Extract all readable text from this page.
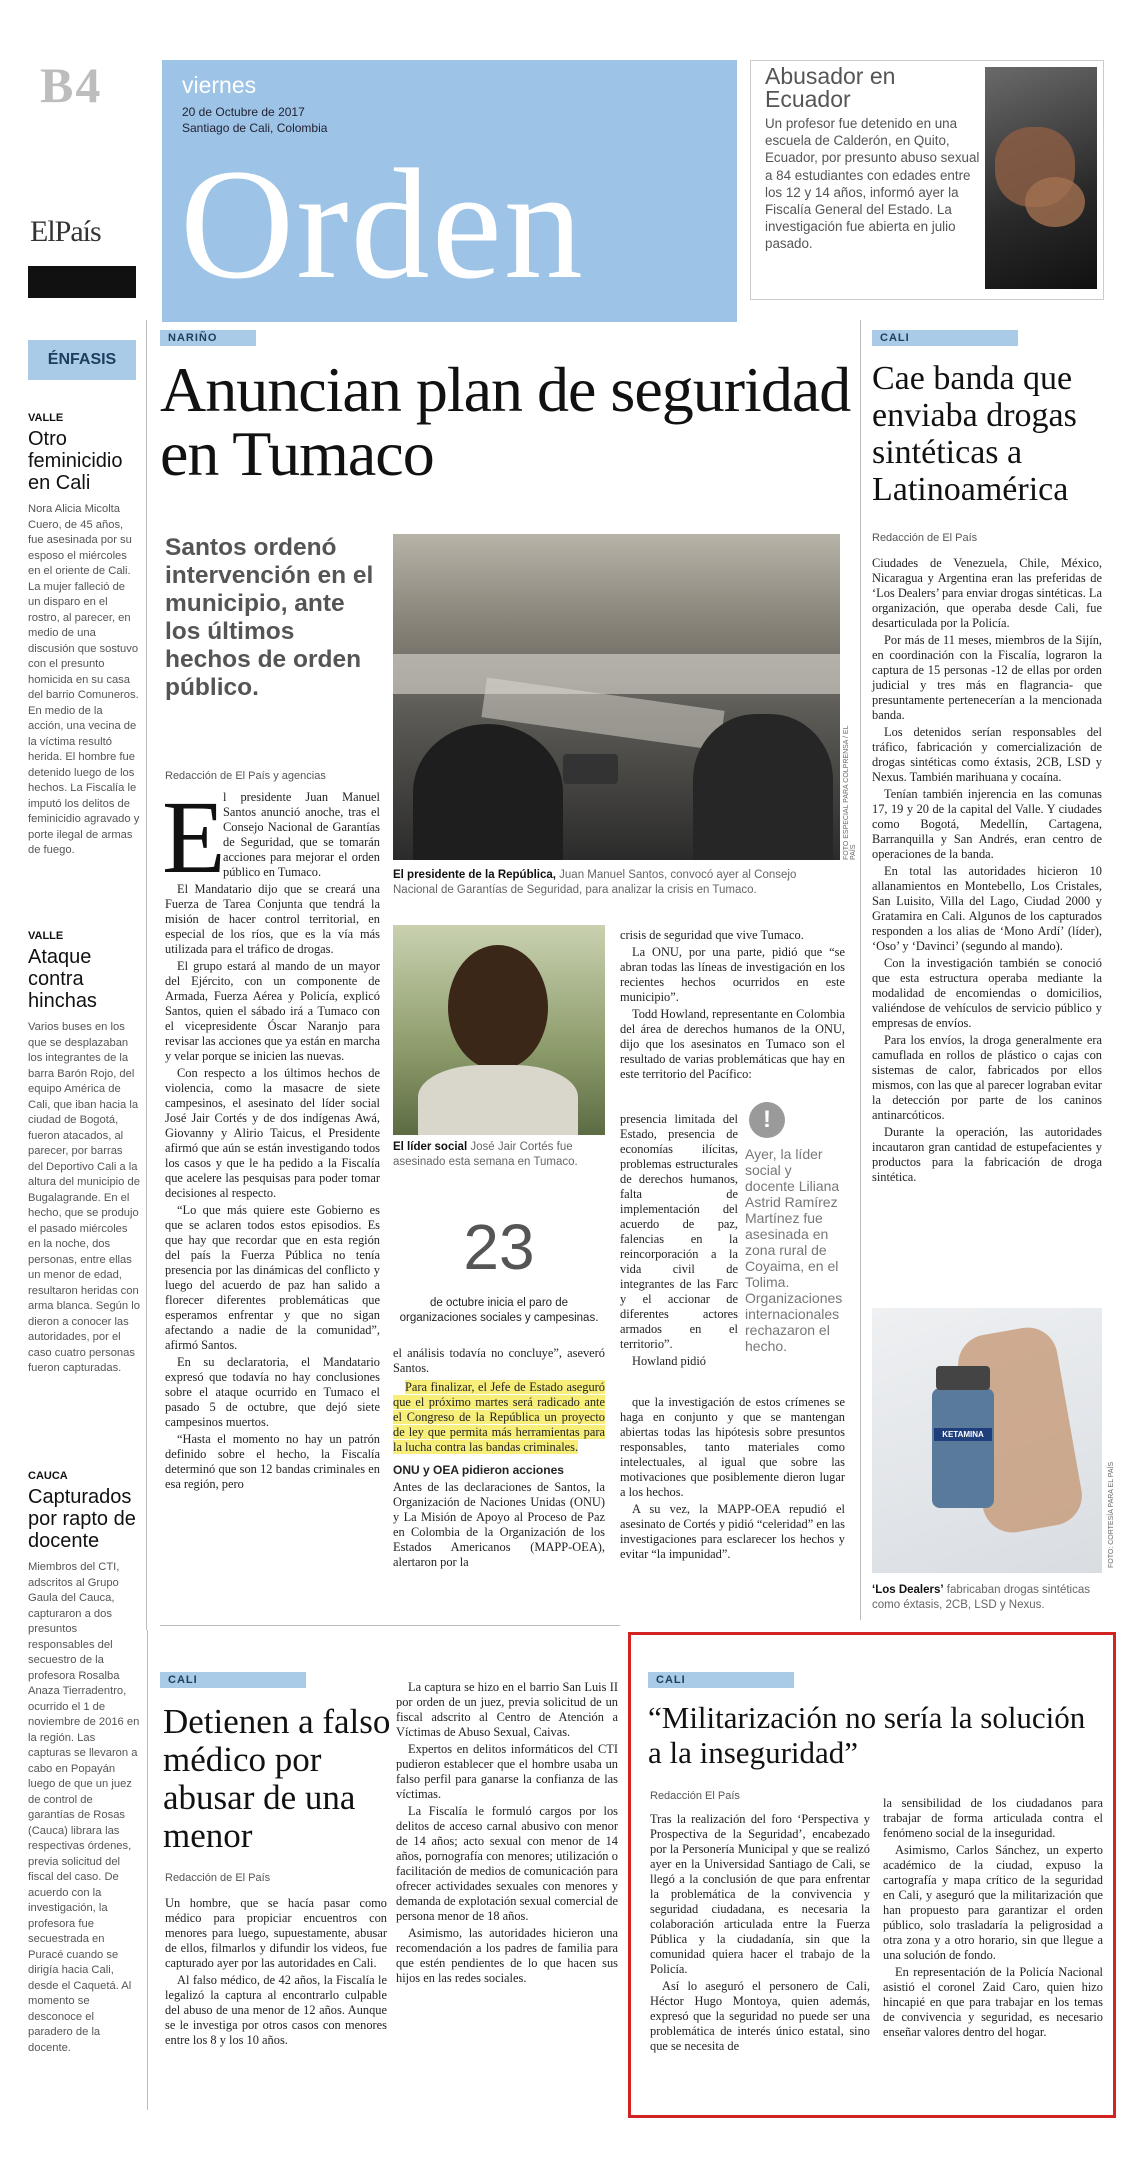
B4
ElPaís
viernes
20 de Octubre de 2017
Santiago de Cali, Colombia
Orden
Abusador en Ecuador
Un profesor fue detenido en una escuela de Calderón, en Quito, Ecuador, por presunto abuso sexual a 84 estudiantes con edades entre los 12 y 14 años, informó ayer la Fiscalía General del Estado. La investigación fue abierta en julio pasado.
ÉNFASIS
VALLE
Otro feminicidio en Cali
Nora Alicia Micolta Cuero, de 45 años, fue asesinada por su esposo el miércoles en el oriente de Cali. La mujer falleció de un disparo en el rostro, al parecer, en medio de una discusión que sostuvo con el presunto homicida en su casa del barrio Comuneros. En medio de la acción, una vecina de la víctima resultó herida. El hombre fue detenido luego de los hechos. La Fiscalía le imputó los delitos de feminicidio agravado y porte ilegal de armas de fuego.
VALLE
Ataque contra hinchas
Varios buses en los que se desplazaban los integrantes de la barra Barón Rojo, del equipo América de Cali, que iban hacia la ciudad de Bogotá, fueron atacados, al parecer, por barras del Deportivo Cali a la altura del municipio de Bugalagrande. En el hecho, que se produjo el pasado miércoles en la noche, dos personas, entre ellas un menor de edad, resultaron heridas con arma blanca. Según lo dieron a conocer las autoridades, por el caso cuatro personas fueron capturadas.
CAUCA
Capturados por rapto de docente
Miembros del CTI, adscritos al Grupo Gaula del Cauca, capturaron a dos presuntos responsables del secuestro de la profesora Rosalba Anaza Tierradentro, ocurrido el 1 de noviembre de 2016 en la región. Las capturas se llevaron a cabo en Popayán luego de que un juez de control de garantías de Rosas (Cauca) librara las respectivas órdenes, previa solicitud del fiscal del caso. De acuerdo con la investigación, la profesora fue secuestrada en Puracé cuando se dirigía hacia Cali, desde el Caquetá. Al momento se desconoce el paradero de la docente.
NARIÑO
Anuncian plan de seguridad en Tumaco
Santos ordenó intervención en el municipio, ante los últimos hechos de orden público.
Redacción de El País y agencias	FOTO ESPECIAL PARA COLPRENSA / EL PAÍS
El presidente de la República, Juan Manuel Santos, convocó ayer al Consejo Nacional de Garantías de Seguridad, para analizar la crisis en Tumaco.
E

l presidente Juan Manuel Santos anunció anoche, tras el Consejo Nacional de Garantías de Seguridad, que se tomarán acciones para mejorar el orden público en Tumaco.

El Mandatario dijo que se creará una Fuerza de Tarea Conjunta que tendrá la misión de hacer control territorial, en especial de los ríos, que es la vía más utilizada para el tráfico de drogas.

El grupo estará al mando de un mayor del Ejército, con un componente de Armada, Fuerza Aérea y Policía, explicó Santos, quien el sábado irá a Tumaco con el vicepresidente Óscar Naranjo para revisar las acciones que ya están en marcha y velar porque se inicien las nuevas.

Con respecto a los últimos hechos de violencia, como la masacre de siete campesinos, el asesinato del líder social José Jair Cortés y de dos indígenas Awá, Giovanny y Alirio Taicus, el Presidente afirmó que aún se están investigando todos los casos y que le ha pedido a la Fiscalía que acelere las pesquisas para poder tomar decisiones al respecto.

“Lo que más quiere este Gobierno es que se aclaren todos estos episodios. Es que hay que recordar que en esta región del país la Fuerza Pública no tenía presencia por las dinámicas del conflicto y luego del acuerdo de paz han salido a florecer diferentes problemáticas que esperamos enfrentar y que no sigan afectando a nadie de la comunidad”, afirmó Santos.

En su declaratoria, el Mandatario expresó que todavía no hay conclusiones sobre el ataque ocurrido en Tumaco el pasado 5 de octubre, que dejó siete campesinos muertos.

“Hasta el momento no hay un patrón definido sobre el hecho, la Fiscalía determinó que son 12 bandas criminales en esa región, pero

El líder social José Jair Cortés fue asesinado esta semana en Tumaco.
23
de octubre inicia el paro de organizaciones sociales y campesinas.

el análisis todavía no concluye”, aseveró Santos.

Para finalizar, el Jefe de Estado aseguró que el próximo martes será radicado ante el Congreso de la República un proyecto de ley que permita más herramientas para la lucha contra las bandas criminales.

ONU y OEA pidieron acciones

Antes de las declaraciones de Santos, la Organización de Naciones Unidas (ONU) y La Misión de Apoyo al Proceso de Paz en Colombia de la Organización de los Estados Americanos (MAPP-OEA), alertaron por la

crisis de seguridad que vive Tumaco.

La ONU, por una parte, pidió que “se abran todas las líneas de investigación en los recientes hechos ocurridos en este municipio”.

Todd Howland, representante en Colombia del área de derechos humanos de la ONU, dijo que los asesinatos en Tumaco son el resultado de varias problemáticas que hay en este territorio del Pacífico:

presencia limitada del Estado, presencia de economías ilícitas, problemas estructurales de derechos humanos, falta de implementación del acuerdo de paz, falencias en la reincorporación a la vida civil de integrantes de las Farc y el accionar de diferentes actores armados en el territorio”.

Howland pidió

!
Ayer, la líder social y docente Liliana Astrid Ramírez Martínez fue asesinada en zona rural de Coyaima, en el Tolima. Organizaciones internacionales rechazaron el hecho.

que la investigación de estos crímenes se haga en conjunto y que se mantengan abiertas todas las hipótesis sobre presuntos responsables, tanto materiales como intelectuales, al igual que sobre las motivaciones que posiblemente dieron lugar a los hechos.

A su vez, la MAPP-OEA repudió el asesinato de Cortés y pidió “celeridad” en las investigaciones para esclarecer los hechos y evitar “la impunidad”.

CALI
Cae banda que enviaba drogas sintéticas a Latinoamérica
Redacción de El País

Ciudades de Venezuela, Chile, México, Nicaragua y Argentina eran las preferidas de ‘Los Dealers’ para enviar drogas sintéticas. La organización, que operaba desde Cali, fue desarticulada por la Policía.

Por más de 11 meses, miembros de la Sijín, en coordinación con la Fiscalía, lograron la captura de 15 personas -12 de ellas por orden judicial y tres más en flagrancia- que presuntamente pertenecerían a la mencionada banda.

Los detenidos serían responsables del tráfico, fabricación y comercialización de drogas sintéticas como éxtasis, 2CB, LSD y Nexus. También marihuana y cocaína.

Tenían también injerencia en las comunas 17, 19 y 20 de la capital del Valle. Y ciudades como Bogotá, Medellín, Cartagena, Barranquilla y San Andrés, eran centro de operaciones de la banda.

En total las autoridades hicieron 10 allanamientos en Montebello, Los Cristales, San Luisito, Villa del Lago, Ciudad 2000 y Gratamira en Cali. Algunos de los capturados responden a los alias de ‘Mono Ardí’ (líder), ‘Oso’ y ‘Davinci’ (segundo al mando).

Con la investigación también se conoció que esta estructura operaba mediante la modalidad de encomiendas o domicilios, valiéndose de vehículos de servicio público y empresas de envíos.

Para los envíos, la droga generalmente era camuflada en rollos de plástico o cajas con sistemas de calor, fabricados por ellos mismos, con las que al parecer lograban evitar la detección por parte de los caninos antinarcóticos.

Durante la operación, las autoridades incautaron gran cantidad de estupefacientes y productos para la fabricación de droga sintética.

KETAMINA
FOTO: CORTESÍA PARA EL PAÍS
‘Los Dealers’ fabricaban drogas sintéticas como éxtasis, 2CB, LSD y Nexus.
CALI
Detienen a falso médico por abusar de una menor
Redacción de El País

Un hombre, que se hacía pasar como médico para propiciar encuentros con menores para luego, supuestamente, abusar de ellos, filmarlos y difundir los videos, fue capturado ayer por las autoridades en Cali.

Al falso médico, de 42 años, la Fiscalía le legalizó la captura al encontrarlo culpable del abuso de una menor de 12 años. Aunque se le investiga por otros casos con menores entre los 8 y los 10 años.

La captura se hizo en el barrio San Luis II por orden de un juez, previa solicitud de un fiscal adscrito al Centro de Atención a Víctimas de Abuso Sexual, Caivas.

Expertos en delitos informáticos del CTI pudieron establecer que el hombre usaba un falso perfil para ganarse la confianza de las víctimas.

La Fiscalía le formuló cargos por los delitos de acceso carnal abusivo con menor de 14 años; acto sexual con menor de 14 años, pornografía con menores; utilización o facilitación de medios de comunicación para ofrecer actividades sexuales con menores y demanda de explotación sexual comercial de persona menor de 18 años.

Asimismo, las autoridades hicieron una recomendación a los padres de familia para que estén pendientes de lo que hacen sus hijos en las redes sociales.

CALI
“Militarización no sería la solución a la inseguridad”
Redacción El País

Tras la realización del foro ‘Perspectiva y Prospectiva de la Seguridad’, encabezado por la Personería Municipal y que se realizó ayer en la Universidad Santiago de Cali, se llegó a la conclusión de que para enfrentar la problemática de la convivencia y seguridad ciudadana, es necesaria la colaboración articulada entre la Fuerza Pública y la ciudadanía, sin que la comunidad quiera hacer el trabajo de la Policía.

Así lo aseguró el personero de Cali, Héctor Hugo Montoya, quien además, expresó que la seguridad no puede ser una problemática de interés único estatal, sino que se necesita de

la sensibilidad de los ciudadanos para trabajar de forma articulada contra el fenómeno social de la inseguridad.

Asimismo, Carlos Sánchez, un experto académico de la ciudad, expuso la cartografía y mapa crítico de la seguridad en Cali, y aseguró que la militarización que han propuesto para garantizar el orden público, solo trasladaría la peligrosidad a otra zona y a otro horario, sin que llegue a una solución de fondo.

En representación de la Policía Nacional asistió el coronel Zaid Caro, quien hizo hincapié en que para trabajar en los temas de convivencia y seguridad, es necesario enseñar valores dentro del hogar.
